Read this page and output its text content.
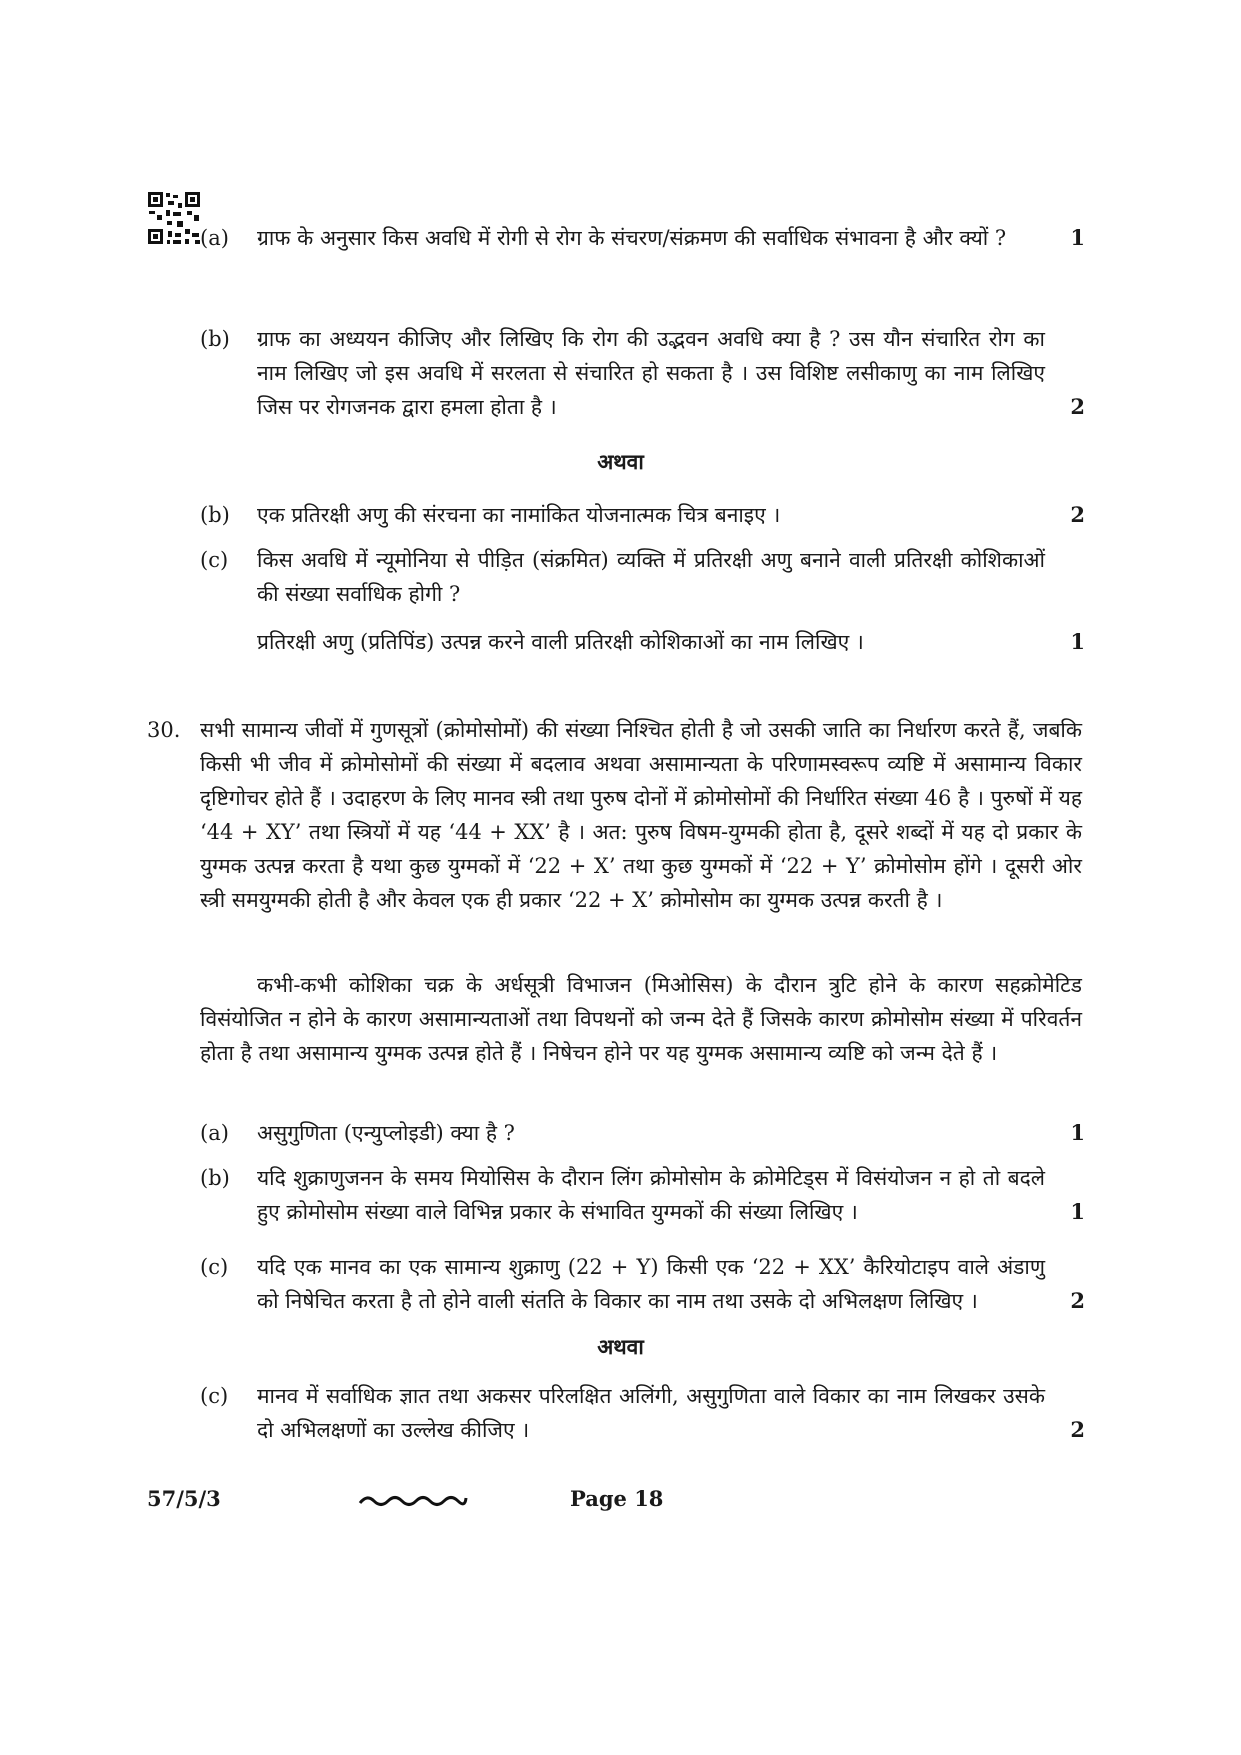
(a)	ग्राफ के अनुसार किस अवधि में रोगी से रोग के संचरण/संक्रमण की सर्वाधिक संभावना है और क्यों ?	1
(b)	ग्राफ का अध्ययन कीजिए और लिखिए कि रोग की उद्भवन अवधि क्या है ? उस यौन संचारित रोग का नाम लिखिए जो इस अवधि में सरलता से संचारित हो सकता है । उस विशिष्ट लसीकाणु का नाम लिखिए जिस पर रोगजनक द्वारा हमला होता है ।	2
अथवा
(b)	एक प्रतिरक्षी अणु की संरचना का नामांकित योजनात्मक चित्र बनाइए ।	2
(c)	किस अवधि में न्यूमोनिया से पीड़ित (संक्रमित) व्यक्ति में प्रतिरक्षी अणु बनाने वाली प्रतिरक्षी कोशिकाओं की संख्या सर्वाधिक होगी ?
प्रतिरक्षी अणु (प्रतिपिंड) उत्पन्न करने वाली प्रतिरक्षी कोशिकाओं का नाम लिखिए ।	1
30. सभी सामान्य जीवों में गुणसूत्रों (क्रोमोसोमों) की संख्या निश्चित होती है जो उसकी जाति का निर्धारण करते हैं, जबकि किसी भी जीव में क्रोमोसोमों की संख्या में बदलाव अथवा असामान्यता के परिणामस्वरूप व्यष्टि में असामान्य विकार दृष्टिगोचर होते हैं । उदाहरण के लिए मानव स्त्री तथा पुरुष दोनों में क्रोमोसोमों की निर्धारित संख्या 46 है । पुरुषों में यह ‘44 + XY’ तथा स्त्रियों में यह ‘44 + XX’ है । अत: पुरुष विषम-युग्मकी होता है, दूसरे शब्दों में यह दो प्रकार के युग्मक उत्पन्न करता है यथा कुछ युग्मकों में ‘22 + X’ तथा कुछ युग्मकों में ‘22 + Y’ क्रोमोसोम होंगे । दूसरी ओर स्त्री समयुग्मकी होती है और केवल एक ही प्रकार ‘22 + X’ क्रोमोसोम का युग्मक उत्पन्न करती है ।
कभी-कभी कोशिका चक्र के अर्धसूत्री विभाजन (मिओसिस) के दौरान त्रुटि होने के कारण सहक्रोमेटिड विसंयोजित न होने के कारण असामान्यताओं तथा विपथनों को जन्म देते हैं जिसके कारण क्रोमोसोम संख्या में परिवर्तन होता है तथा असामान्य युग्मक उत्पन्न होते हैं । निषेचन होने पर यह युग्मक असामान्य व्यष्टि को जन्म देते हैं ।
(a)	असुगुणिता (एन्युप्लोइडी) क्या है ?	1
(b)	यदि शुक्राणुजनन के समय मियोसिस के दौरान लिंग क्रोमोसोम के क्रोमेटिड्स में विसंयोजन न हो तो बदले हुए क्रोमोसोम संख्या वाले विभिन्न प्रकार के संभावित युग्मकों की संख्या लिखिए ।	1
(c)	यदि एक मानव का एक सामान्य शुक्राणु (22 + Y) किसी एक ‘22 + XX’ कैरियोटाइप वाले अंडाणु को निषेचित करता है तो होने वाली संतति के विकार का नाम तथा उसके दो अभिलक्षण लिखिए ।	2
अथवा
(c)	मानव में सर्वाधिक ज्ञात तथा अकसर परिलक्षित अलिंगी, असुगुणिता वाले विकार का नाम लिखकर उसके दो अभिलक्षणों का उल्लेख कीजिए ।	2
57/5/3	Page 18
